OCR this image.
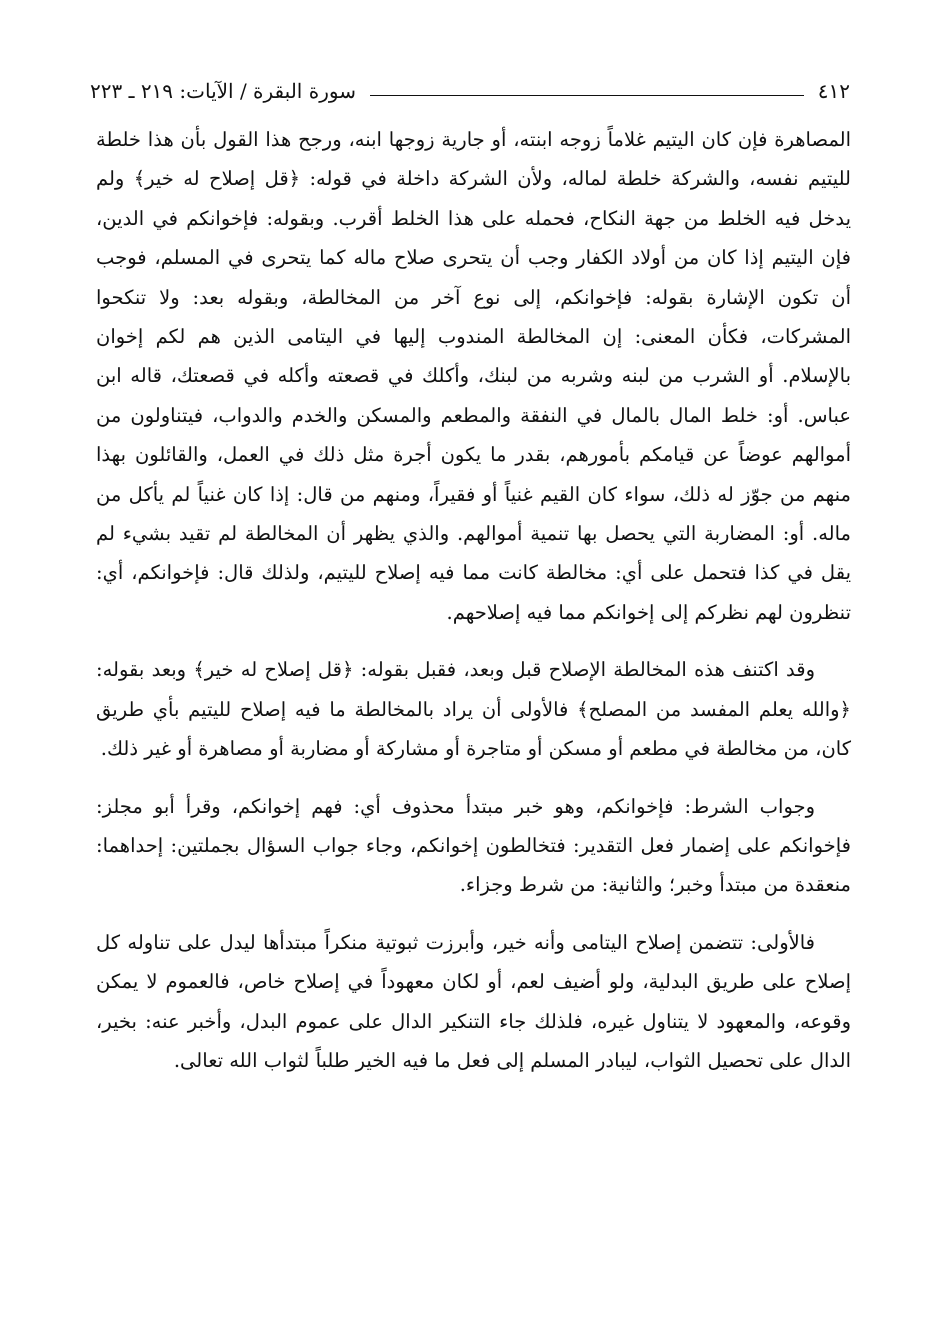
٤١٢
سورة البقرة / الآيات: ٢١٩ ـ ٢٢٣

المصاهرة فإن كان اليتيم غلاماً زوجه ابنته، أو جارية زوجها ابنه، ورجح هذا القول بأن هذا خلطة لليتيم نفسه، والشركة خلطة لماله، ولأن الشركة داخلة في قوله: ﴿قل إصلاح له خير﴾ ولم يدخل فيه الخلط من جهة النكاح، فحمله على هذا الخلط أقرب. وبقوله: فإخوانكم في الدين، فإن اليتيم إذا كان من أولاد الكفار وجب أن يتحرى صلاح ماله كما يتحرى في المسلم، فوجب أن تكون الإشارة بقوله: فإخوانكم، إلى نوع آخر من المخالطة، وبقوله بعد: ولا تنكحوا المشركات، فكأن المعنى: إن المخالطة المندوب إليها في اليتامى الذين هم لكم إخوان بالإسلام. أو الشرب من لبنه وشربه من لبنك، وأكلك في قصعته وأكله في قصعتك، قاله ابن عباس. أو: خلط المال بالمال في النفقة والمطعم والمسكن والخدم والدواب، فيتناولون من أموالهم عوضاً عن قيامكم بأمورهم، بقدر ما يكون أجرة مثل ذلك في العمل، والقائلون بهذا منهم من جوّز له ذلك، سواء كان القيم غنياً أو فقيراً، ومنهم من قال: إذا كان غنياً لم يأكل من ماله. أو: المضاربة التي يحصل بها تنمية أموالهم. والذي يظهر أن المخالطة لم تقيد بشيء لم يقل في كذا فتحمل على أي: مخالطة كانت مما فيه إصلاح لليتيم، ولذلك قال: فإخوانكم، أي: تنظرون لهم نظركم إلى إخوانكم مما فيه إصلاحهم.

وقد اكتنف هذه المخالطة الإصلاح قبل وبعد، فقبل بقوله: ﴿قل إصلاح له خير﴾ وبعد بقوله: ﴿والله يعلم المفسد من المصلح﴾ فالأولى أن يراد بالمخالطة ما فيه إصلاح لليتيم بأي طريق كان، من مخالطة في مطعم أو مسكن أو متاجرة أو مشاركة أو مضاربة أو مصاهرة أو غير ذلك.

وجواب الشرط: فإخوانكم، وهو خبر مبتدأ محذوف أي: فهم إخوانكم، وقرأ أبو مجلز: فإخوانكم على إضمار فعل التقدير: فتخالطون إخوانكم، وجاء جواب السؤال بجملتين: إحداهما: منعقدة من مبتدأ وخبر؛ والثانية: من شرط وجزاء.

فالأولى: تتضمن إصلاح اليتامى وأنه خير، وأبرزت ثبوتية منكراً مبتدأها ليدل على تناوله كل إصلاح على طريق البدلية، ولو أضيف لعم، أو لكان معهوداً في إصلاح خاص، فالعموم لا يمكن وقوعه، والمعهود لا يتناول غيره، فلذلك جاء التنكير الدال على عموم البدل، وأخبر عنه: بخير، الدال على تحصيل الثواب، ليبادر المسلم إلى فعل ما فيه الخير طلباً لثواب الله تعالى.
